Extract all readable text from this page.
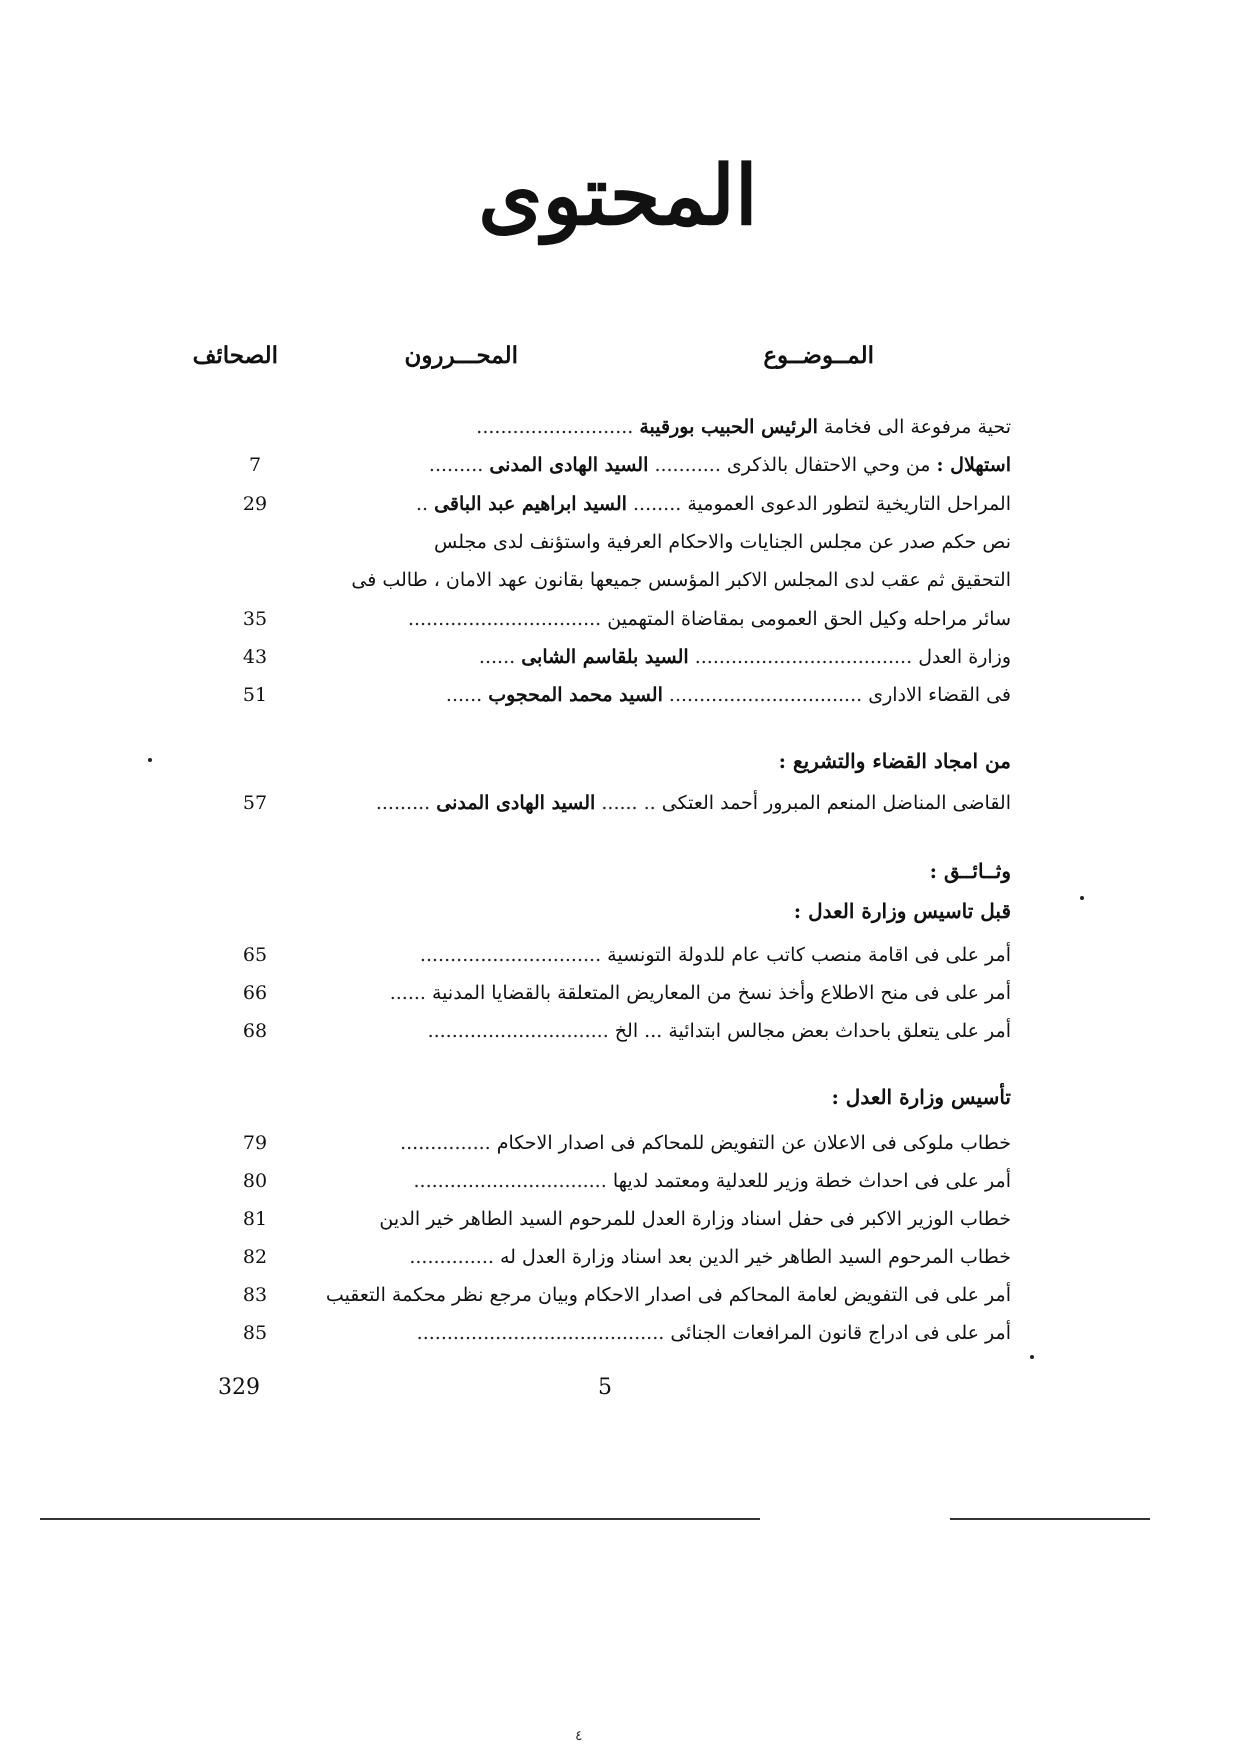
المحتوى
المــوضــوع
المحـــررون
الصحائف
تحية مرفوعة الى فخامة الرئيس الحبيب بورقيبة ..........................
استهلال : من وحي الاحتفال بالذكرى ........... السيد الهادى المدنى .........
7
المراحل التاريخية لتطور الدعوى العمومية ........ السيد ابراهيم عبد الباقى ..
29
نص حكم صدر عن مجلس الجنايات والاحكام العرفية واستؤنف لدى مجلس
التحقيق ثم عقب لدى المجلس الاكبر المؤسس جميعها بقانون عهد الامان ، طالب فى
سائر مراحله وكيل الحق العمومى بمقاضاة المتهمين ................................
35
وزارة العدل .................................... السيد بلقاسم الشابى ......
43
فى القضاء الادارى ................................ السيد محمد المحجوب ......
51
من امجاد القضاء والتشريع :
القاضى المناضل المنعم المبرور أحمد العتكى .. ...... السيد الهادى المدنى .........
57
وثــائــق :
قبل تاسيس وزارة العدل :
أمر على فى اقامة منصب كاتب عام للدولة التونسية ..............................
65
أمر على فى منح الاطلاع وأخذ نسخ من المعاريض المتعلقة بالقضايا المدنية ......
66
أمر على يتعلق باحداث بعض مجالس ابتدائية ... الخ ..............................
68
تأسيس وزارة العدل :
خطاب ملوكى فى الاعلان عن التفويض للمحاكم فى اصدار الاحكام ...............
79
أمر على فى احداث خطة وزير للعدلية ومعتمد لديها ................................
80
خطاب الوزير الاكبر فى حفل اسناد وزارة العدل للمرحوم السيد الطاهر خير الدين
81
خطاب المرحوم السيد الطاهر خير الدين بعد اسناد وزارة العدل له ..............
82
أمر على فى التفويض لعامة المحاكم فى اصدار الاحكام وبيان مرجع نظر محكمة التعقيب
83
أمر على فى ادراج قانون المرافعات الجنائى .........................................
85
329	5
٤
